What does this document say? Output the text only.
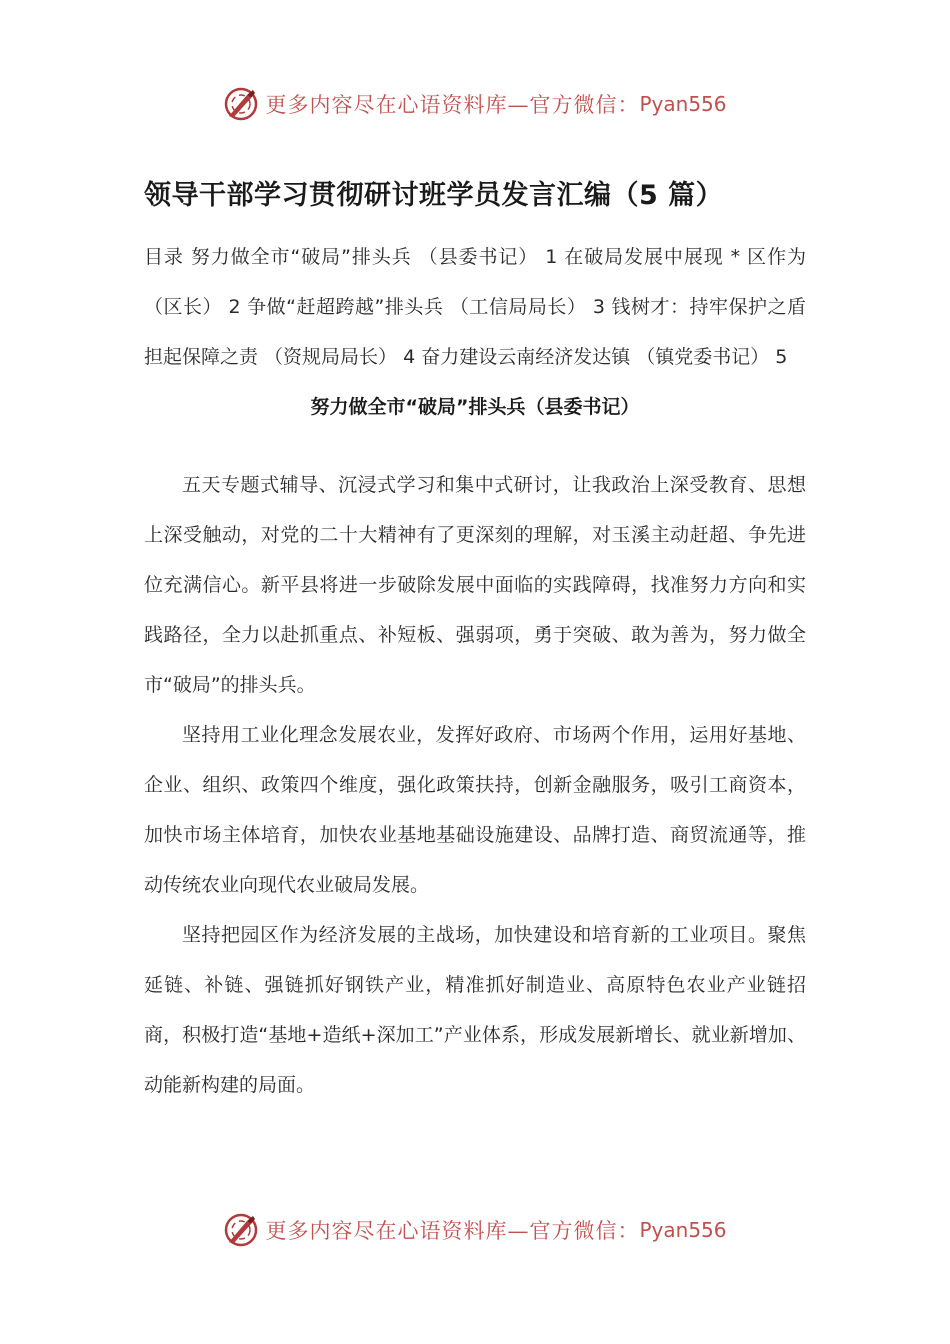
更多内容尽在心语资料库—官方微信： Pyan556
领导干部学习贯彻研讨班学员发言汇编（5 篇）

目录 努力做全市“破局”排头兵 （县委书记） 1 在破局发展中展现 * 区作为 （区长） 2 争做“赶超跨越”排头兵 （工信局局长） 3 钱树才：持牢保护之盾 担起保障之责 （资规局局长） 4 奋力建设云南经济发达镇 （镇党委书记） 5

努力做全市“破局”排头兵（县委书记）

五天专题式辅导、沉浸式学习和集中式研讨，让我政治上深受教育、思想上深受触动，对党的二十大精神有了更深刻的理解，对玉溪主动赶超、争先进位充满信心。新平县将进一步破除发展中面临的实践障碍，找准努力方向和实践路径，全力以赴抓重点、补短板、强弱项，勇于突破、敢为善为，努力做全市“破局”的排头兵。

坚持用工业化理念发展农业，发挥好政府、市场两个作用，运用好基地、企业、组织、政策四个维度，强化政策扶持，创新金融服务，吸引工商资本，加快市场主体培育，加快农业基地基础设施建设、品牌打造、商贸流通等，推动传统农业向现代农业破局发展。

坚持把园区作为经济发展的主战场，加快建设和培育新的工业项目。聚焦延链、补链、强链抓好钢铁产业，精准抓好制造业、高原特色农业产业链招商，积极打造“基地+造纸+深加工”产业体系，形成发展新增长、就业新增加、动能新构建的局面。

更多内容尽在心语资料库—官方微信： Pyan556
